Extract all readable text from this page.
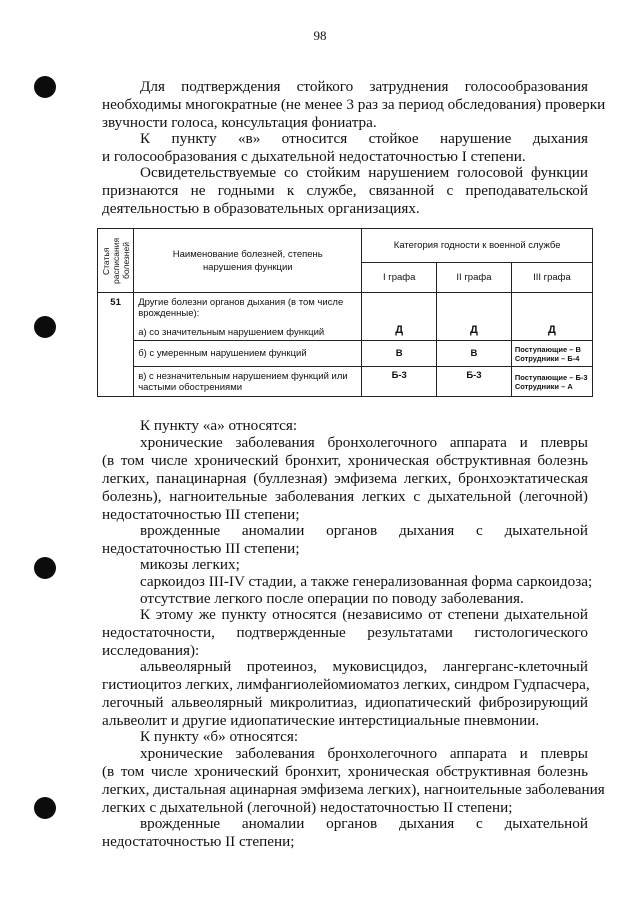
98
Для подтверждения стойкого затруднения голосообразования
необходимы многократные (не менее 3 раз за период обследования) проверки
звучности голоса, консультация фониатра.
К пункту «в» относится стойкое нарушение дыхания
и голосообразования с дыхательной недостаточностью I степени.
Освидетельствуемые со стойким нарушением голосовой функции
признаются не годными к службе, связанной с преподавательской
деятельностью в образовательных организациях.
Статья расписания болезней	Наименование болезней, степень нарушения функции	Категория годности к военной службе		
		I графа	II графа	III графа
51	Другие болезни органов дыхания (в том числе врожденные):
а) со значительным нарушением функций	Д	Д	Д
	б) с умеренным нарушением функций	В	В	Поступающие – В
Сотрудники – Б-4

	в) с незначительным нарушением функций или частыми обострениями	Б-3	Б-3	Поступающие – Б-3
Сотрудники – А
К пункту «а» относятся:
хронические заболевания бронхолегочного аппарата и плевры
(в том числе хронический бронхит, хроническая обструктивная болезнь
легких, панацинарная (буллезная) эмфизема легких, бронхоэктатическая
болезнь), нагноительные заболевания легких с дыхательной (легочной)
недостаточностью III степени;
врожденные аномалии органов дыхания с дыхательной
недостаточностью III степени;
микозы легких;
саркоидоз III-IV стадии, а также генерализованная форма саркоидоза;
отсутствие легкого после операции по поводу заболевания.
К этому же пункту относятся (независимо от степени дыхательной
недостаточности, подтвержденные результатами гистологического
исследования):
альвеолярный протеиноз, муковисцидоз, лангерганс-клеточный
гистиоцитоз легких, лимфангиолейомиоматоз легких, синдром Гудпасчера,
легочный альвеолярный микролитиаз, идиопатический фиброзирующий
альвеолит и другие идиопатические интерстициальные пневмонии.
К пункту «б» относятся:
хронические заболевания бронхолегочного аппарата и плевры
(в том числе хронический бронхит, хроническая обструктивная болезнь
легких, дистальная ацинарная эмфизема легких), нагноительные заболевания
легких с дыхательной (легочной) недостаточностью II степени;
врожденные аномалии органов дыхания с дыхательной
недостаточностью II степени;
